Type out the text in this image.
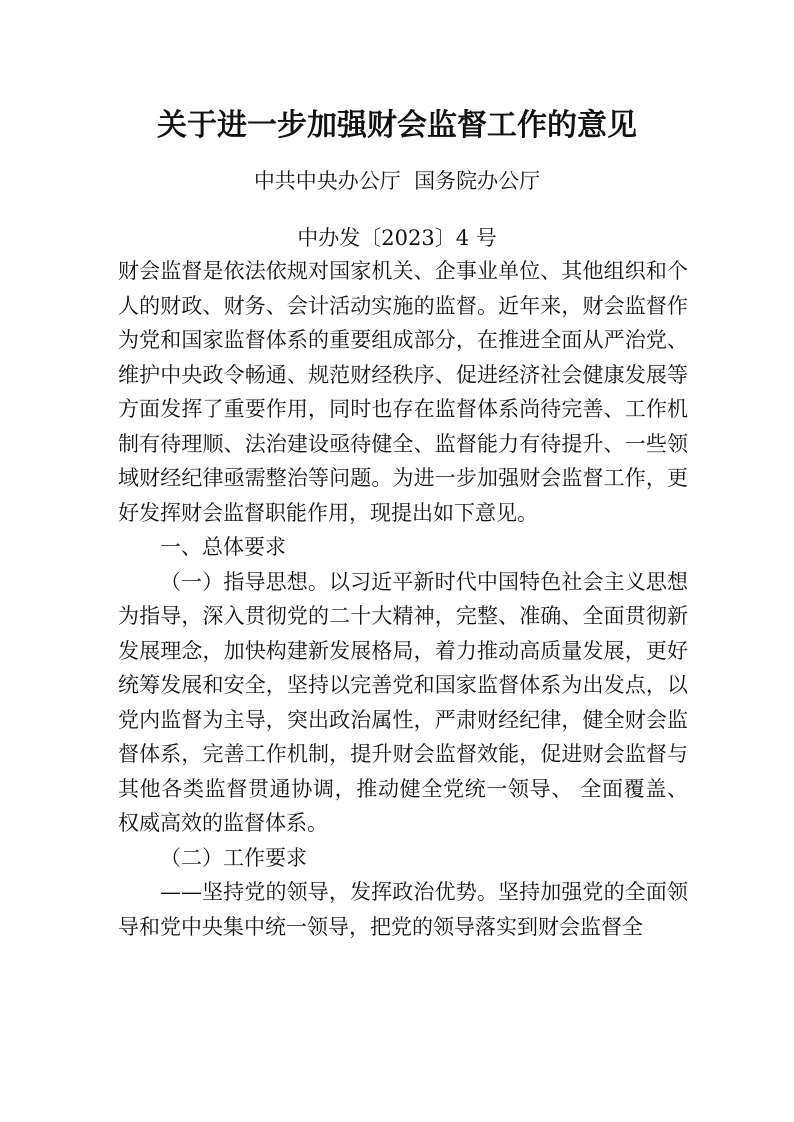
关于进一步加强财会监督工作的意见
中共中央办公厅  国务院办公厅
中办发〔2023〕4 号

财会监督是依法依规对国家机关、企事业单位、其他组织和个人的财政、财务、会计活动实施的监督。近年来，财会监督作为党和国家监督体系的重要组成部分，在推进全面从严治党、维护中央政令畅通、规范财经秩序、促进经济社会健康发展等方面发挥了重要作用，同时也存在监督体系尚待完善、工作机制有待理顺、法治建设亟待健全、监督能力有待提升、一些领域财经纪律亟需整治等问题。为进一步加强财会监督工作，更好发挥财会监督职能作用，现提出如下意见。

一、总体要求

（一）指导思想。以习近平新时代中国特色社会主义思想为指导，深入贯彻党的二十大精神，完整、准确、全面贯彻新发展理念，加快构建新发展格局，着力推动高质量发展，更好统筹发展和安全，坚持以完善党和国家监督体系为出发点，以党内监督为主导，突出政治属性，严肃财经纪律，健全财会监督体系，完善工作机制，提升财会监督效能，促进财会监督与其他各类监督贯通协调，推动健全党统一领导、 全面覆盖、权威高效的监督体系。

（二）工作要求

——坚持党的领导，发挥政治优势。坚持加强党的全面领导和党中央集中统一领导，把党的领导落实到财会监督全
